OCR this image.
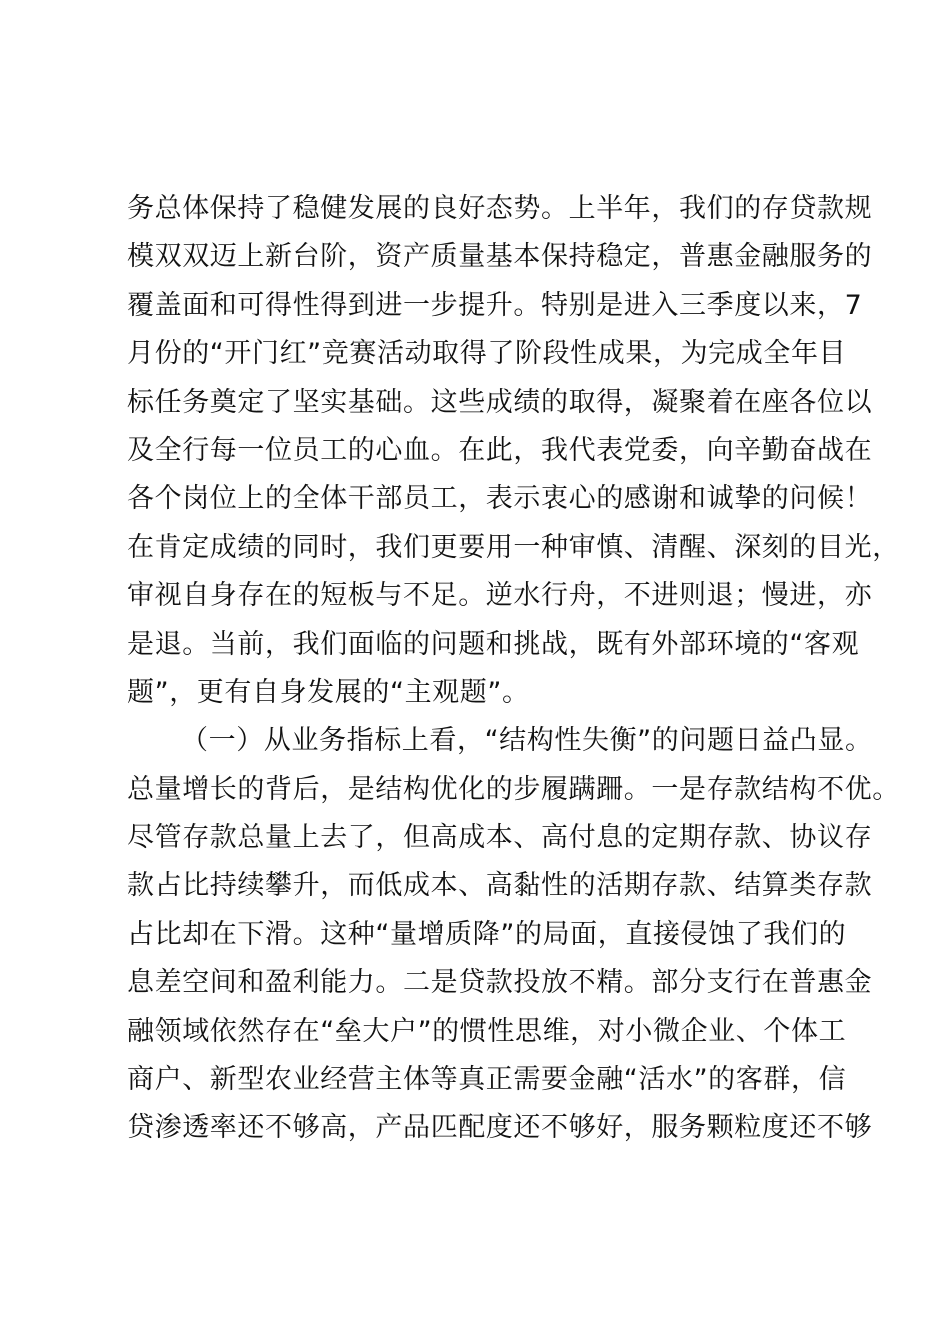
务总体保持了稳健发展的良好态势。上半年，我们的存贷款规
模双双迈上新台阶，资产质量基本保持稳定，普惠金融服务的
覆盖面和可得性得到进一步提升。特别是进入三季度以来，7
月份的“开门红”竞赛活动取得了阶段性成果，为完成全年目
标任务奠定了坚实基础。这些成绩的取得，凝聚着在座各位以
及全行每一位员工的心血。在此，我代表党委，向辛勤奋战在
各个岗位上的全体干部员工，表示衷心的感谢和诚挚的问候！
在肯定成绩的同时，我们更要用一种审慎、清醒、深刻的目光，
审视自身存在的短板与不足。逆水行舟，不进则退；慢进，亦
是退。当前，我们面临的问题和挑战，既有外部环境的“客观
题”，更有自身发展的“主观题”。
（一）从业务指标上看，“结构性失衡”的问题日益凸显。
总量增长的背后，是结构优化的步履蹒跚。一是存款结构不优。
尽管存款总量上去了，但高成本、高付息的定期存款、协议存
款占比持续攀升，而低成本、高黏性的活期存款、结算类存款
占比却在下滑。这种“量增质降”的局面，直接侵蚀了我们的
息差空间和盈利能力。二是贷款投放不精。部分支行在普惠金
融领域依然存在“垒大户”的惯性思维，对小微企业、个体工
商户、新型农业经营主体等真正需要金融“活水”的客群，信
贷渗透率还不够高，产品匹配度还不够好，服务颗粒度还不够
